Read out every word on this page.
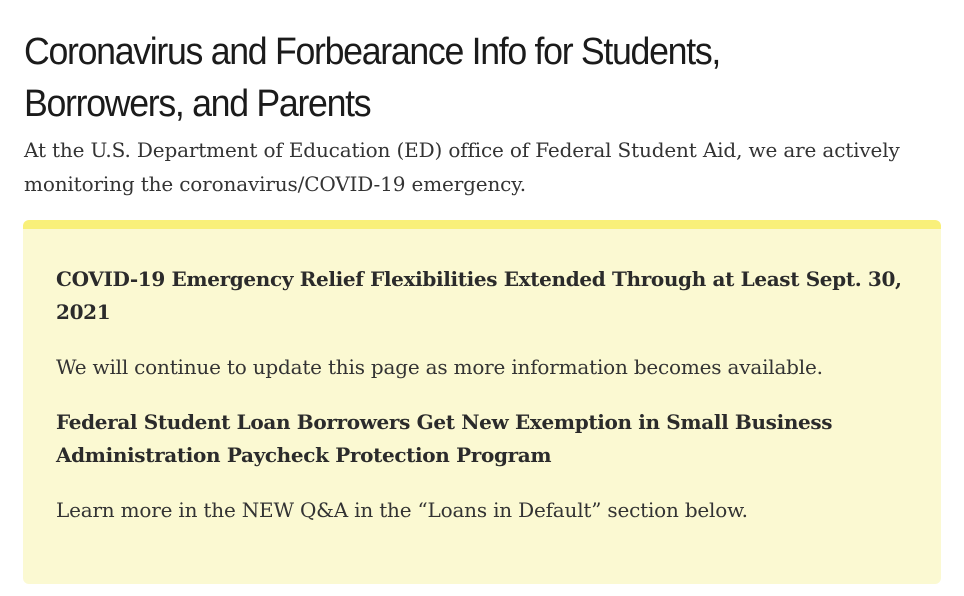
Coronavirus and Forbearance Info for Students, Borrowers, and Parents

At the U.S. Department of Education (ED) office of Federal Student Aid, we are actively monitoring the coronavirus/COVID-19 emergency.

COVID-19 Emergency Relief Flexibilities Extended Through at Least Sept. 30, 2021

We will continue to update this page as more information becomes available.

Federal Student Loan Borrowers Get New Exemption in Small Business Administration Paycheck Protection Program

Learn more in the NEW Q&A in the “Loans in Default” section below.
